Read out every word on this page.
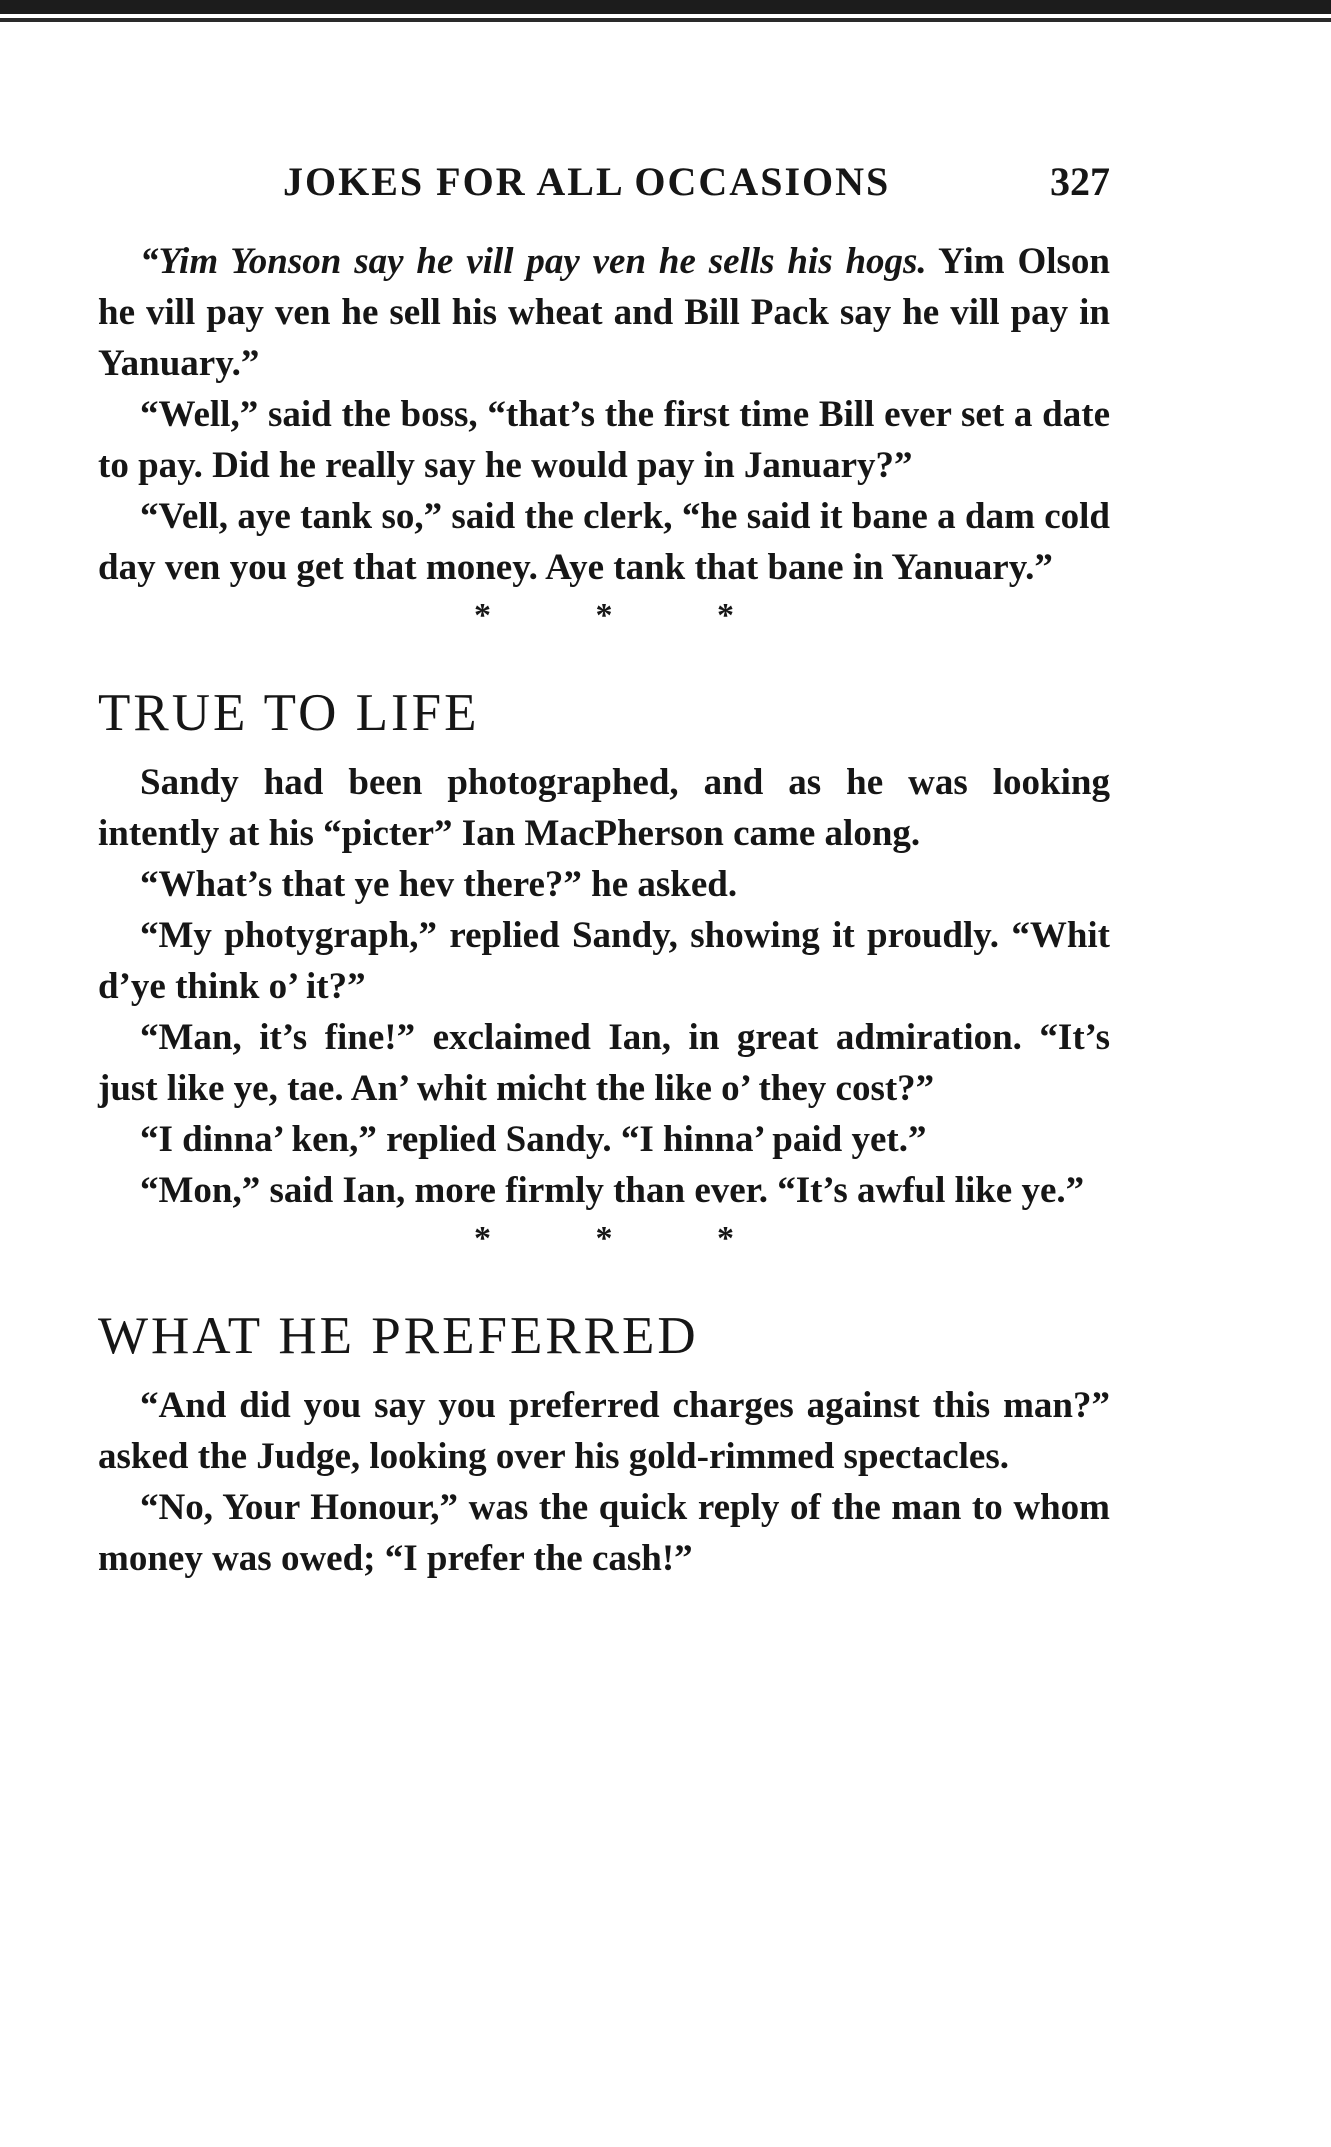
JOKES FOR ALL OCCASIONS	327

“Yim Yonson say he vill pay ven he sells his hogs. Yim Olson he vill pay ven he sell his wheat and Bill Pack say he vill pay in Yanuary.”

“Well,” said the boss, “that’s the first time Bill ever set a date to pay. Did he really say he would pay in January?”

“Vell, aye tank so,” said the clerk, “he said it bane a dam cold day ven you get that money. Aye tank that bane in Yanuary.”

* * *
TRUE TO LIFE

Sandy had been photographed, and as he was looking intently at his “picter” Ian MacPherson came along.

“What’s that ye hev there?” he asked.

“My photygraph,” replied Sandy, showing it proudly. “Whit d’ye think o’ it?”

“Man, it’s fine!” exclaimed Ian, in great admiration. “It’s just like ye, tae. An’ whit micht the like o’ they cost?”

“I dinna’ ken,” replied Sandy. “I hinna’ paid yet.”

“Mon,” said Ian, more firmly than ever. “It’s awful like ye.”

* * *
WHAT HE PREFERRED

“And did you say you preferred charges against this man?” asked the Judge, looking over his gold-rimmed spectacles.

“No, Your Honour,” was the quick reply of the man to whom money was owed; “I prefer the cash!”
